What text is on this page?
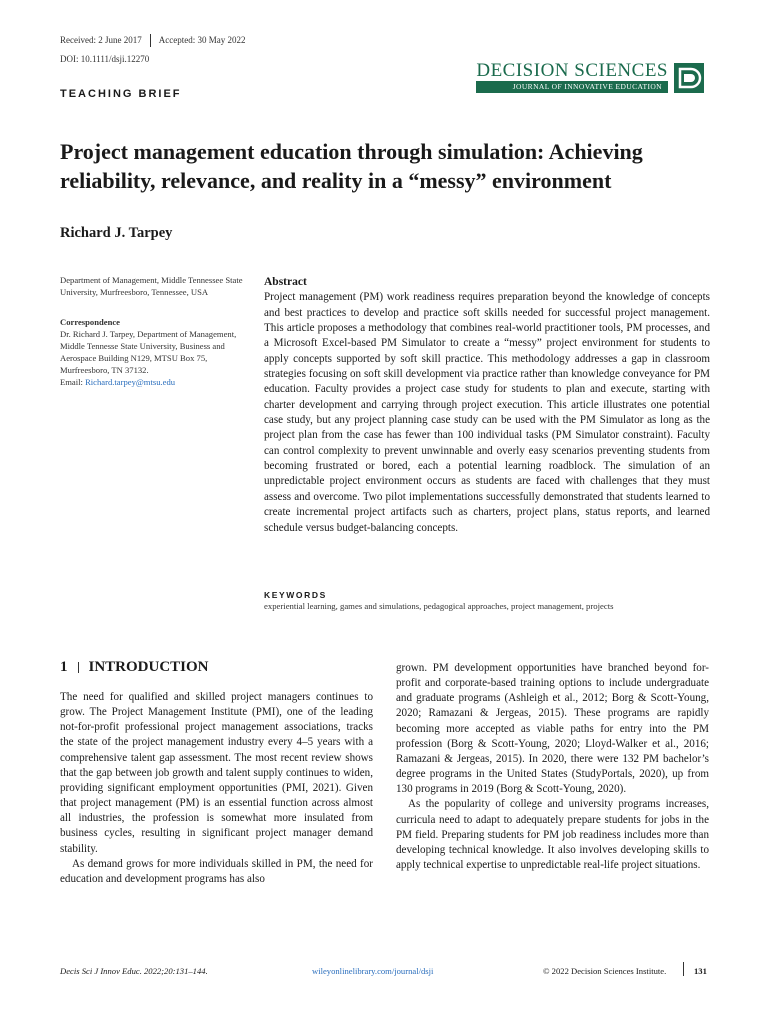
Received: 2 June 2017 Accepted: 30 May 2022
DOI: 10.1111/dsji.12270
DECISION SCIENCES
JOURNAL OF INNOVATIVE EDUCATION
TEACHING BRIEF
Project management education through simulation: Achieving reliability, relevance, and reality in a “messy” environment
Richard J. Tarpey
Department of Management, Middle Tennessee State University, Murfreesboro, Tennessee, USA
Correspondence
Dr. Richard J. Tarpey, Department of Management, Middle Tennesse State University, Business and Aerospace Building N129, MTSU Box 75, Murfreesboro, TN 37132.
Email: Richard.tarpey@mtsu.edu
Abstract
Project management (PM) work readiness requires preparation beyond the knowledge of concepts and best practices to develop and practice soft skills needed for successful project management. This article proposes a methodology that combines real-world practitioner tools, PM processes, and a Microsoft Excel-based PM Simulator to create a “messy” project environment for students to apply concepts supported by soft skill practice. This methodology addresses a gap in classroom strategies focusing on soft skill development via practice rather than knowledge conveyance for PM education. Faculty provides a project case study for students to plan and execute, starting with charter development and carrying through project execution. This article illustrates one potential case study, but any project planning case study can be used with the PM Simulator as long as the project plan from the case has fewer than 100 individual tasks (PM Simulator constraint). Faculty can control complexity to prevent unwinnable and overly easy scenarios preventing students from becoming frustrated or bored, each a potential learning roadblock. The simulation of an unpredictable project environment occurs as students are faced with challenges that they must assess and overcome. Two pilot implementations successfully demonstrated that students learned to create incremental project artifacts such as charters, project plans, status reports, and learned schedule versus budget-balancing concepts.
KEYWORDS
experiential learning, games and simulations, pedagogical approaches, project management, projects
1 INTRODUCTION

The need for qualified and skilled project managers continues to grow. The Project Management Institute (PMI), one of the leading not-for-profit professional project management associations, tracks the state of the project management industry every 4–5 years with a comprehensive talent gap assessment. The most recent review shows that the gap between job growth and talent supply continues to widen, providing significant employment opportunities (PMI, 2021). Given that project management (PM) is an essential function across almost all industries, the profession is somewhat more insulated from business cycles, resulting in significant project manager demand stability.

As demand grows for more individuals skilled in PM, the need for education and development programs has also

grown. PM development opportunities have branched beyond for-profit and corporate-based training options to include undergraduate and graduate programs (Ashleigh et al., 2012; Borg & Scott-Young, 2020; Ramazani & Jergeas, 2015). These programs are rapidly becoming more accepted as viable paths for entry into the PM profession (Borg & Scott-Young, 2020; Lloyd-Walker et al., 2016; Ramazani & Jergeas, 2015). In 2020, there were 132 PM bachelor’s degree programs in the United States (StudyPortals, 2020), up from 130 programs in 2019 (Borg & Scott-Young, 2020).

As the popularity of college and university programs increases, curricula need to adapt to adequately prepare students for jobs in the PM field. Preparing students for PM job readiness includes more than developing technical knowledge. It also involves developing skills to apply technical expertise to unpredictable real-life project situations.

Decis Sci J Innov Educ. 2022;20:131–144.	wileyonlinelibrary.com/journal/dsji	© 2022 Decision Sciences Institute.	131
